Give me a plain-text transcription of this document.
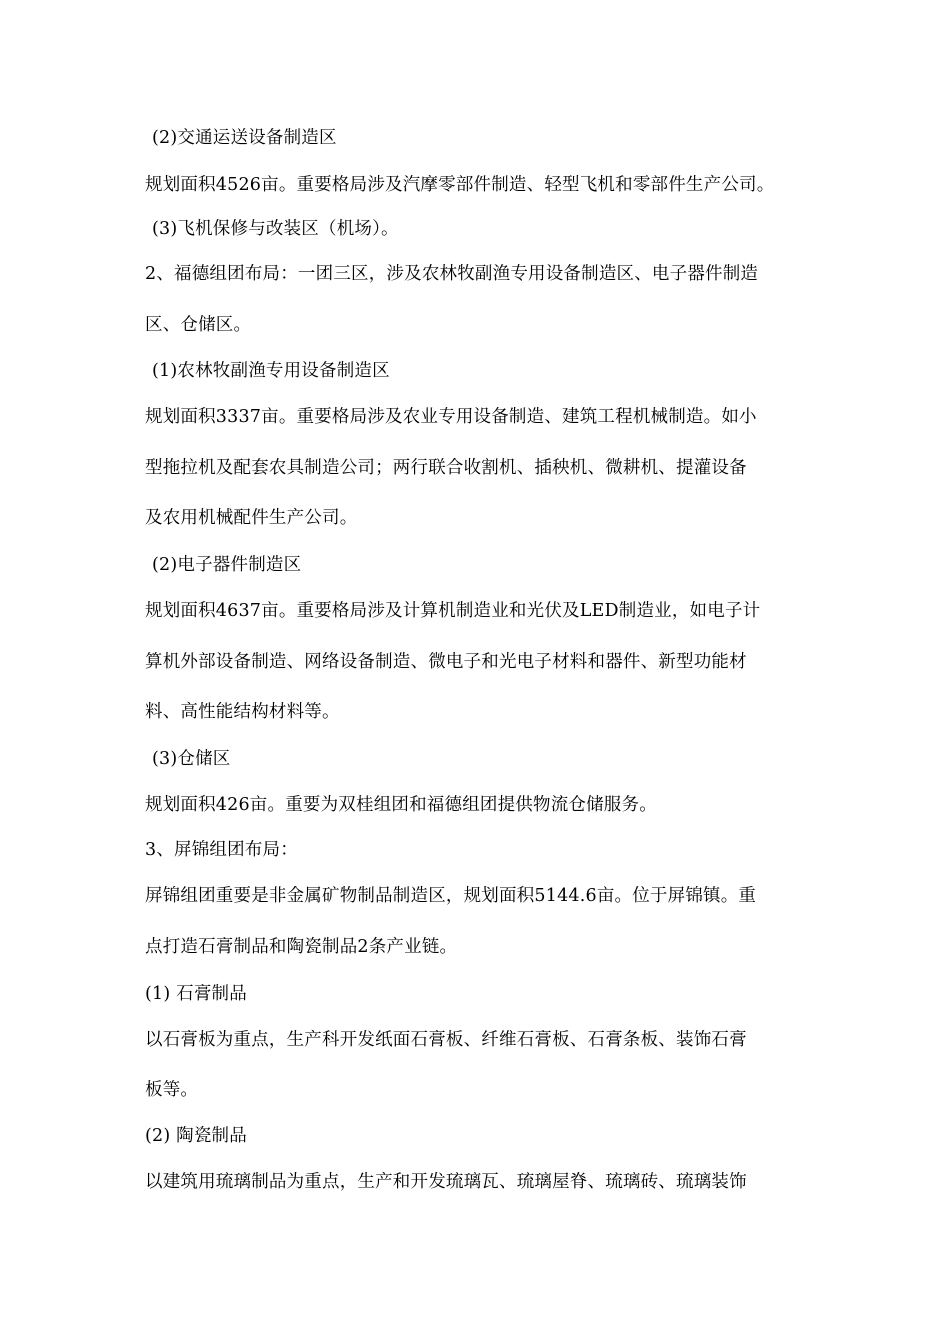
(2)交通运送设备制造区
规划面积4526亩。重要格局涉及汽摩零部件制造、轻型飞机和零部件生产公司。
(3)飞机保修与改装区（机场）。
2、福德组团布局：一团三区，涉及农林牧副渔专用设备制造区、电子器件制造
区、仓储区。
(1)农林牧副渔专用设备制造区
规划面积3337亩。重要格局涉及农业专用设备制造、建筑工程机械制造。如小
型拖拉机及配套农具制造公司；两行联合收割机、插秧机、微耕机、提灌设备
及农用机械配件生产公司。
(2)电子器件制造区
规划面积4637亩。重要格局涉及计算机制造业和光伏及LED制造业，如电子计
算机外部设备制造、网络设备制造、微电子和光电子材料和器件、新型功能材
料、高性能结构材料等。
(3)仓储区
规划面积426亩。重要为双桂组团和福德组团提供物流仓储服务。
3、屏锦组团布局：
屏锦组团重要是非金属矿物制品制造区，规划面积5144.6亩。位于屏锦镇。重
点打造石膏制品和陶瓷制品2条产业链。
(1) 石膏制品
以石膏板为重点，生产科开发纸面石膏板、纤维石膏板、石膏条板、装饰石膏
板等。
(2) 陶瓷制品
以建筑用琉璃制品为重点，生产和开发琉璃瓦、琉璃屋脊、琉璃砖、琉璃装饰
